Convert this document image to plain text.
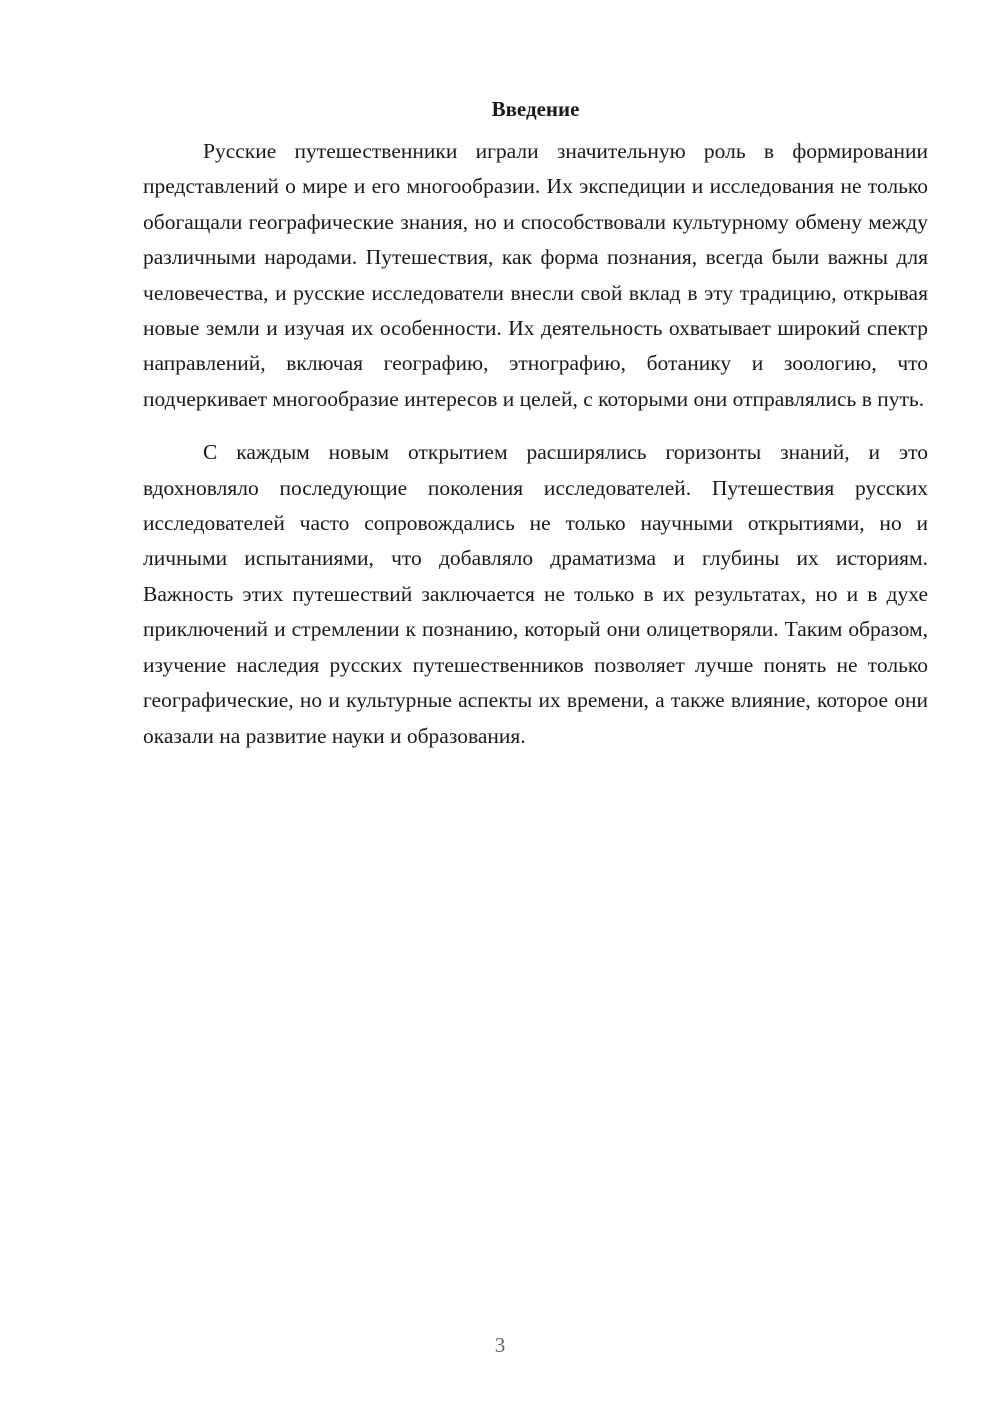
Введение

Русские путешественники играли значительную роль в формировании представлений о мире и его многообразии. Их экспедиции и исследования не только обогащали географические знания, но и способствовали культурному обмену между различными народами. Путешествия, как форма познания, всегда были важны для человечества, и русские исследователи внесли свой вклад в эту традицию, открывая новые земли и изучая их особенности. Их деятельность охватывает широкий спектр направлений, включая географию, этнографию, ботанику и зоологию, что подчеркивает многообразие интересов и целей, с которыми они отправлялись в путь.

С каждым новым открытием расширялись горизонты знаний, и это вдохновляло последующие поколения исследователей. Путешествия русских исследователей часто сопровождались не только научными открытиями, но и личными испытаниями, что добавляло драматизма и глубины их историям. Важность этих путешествий заключается не только в их результатах, но и в духе приключений и стремлении к познанию, который они олицетворяли. Таким образом, изучение наследия русских путешественников позволяет лучше понять не только географические, но и культурные аспекты их времени, а также влияние, которое они оказали на развитие науки и образования.

3
